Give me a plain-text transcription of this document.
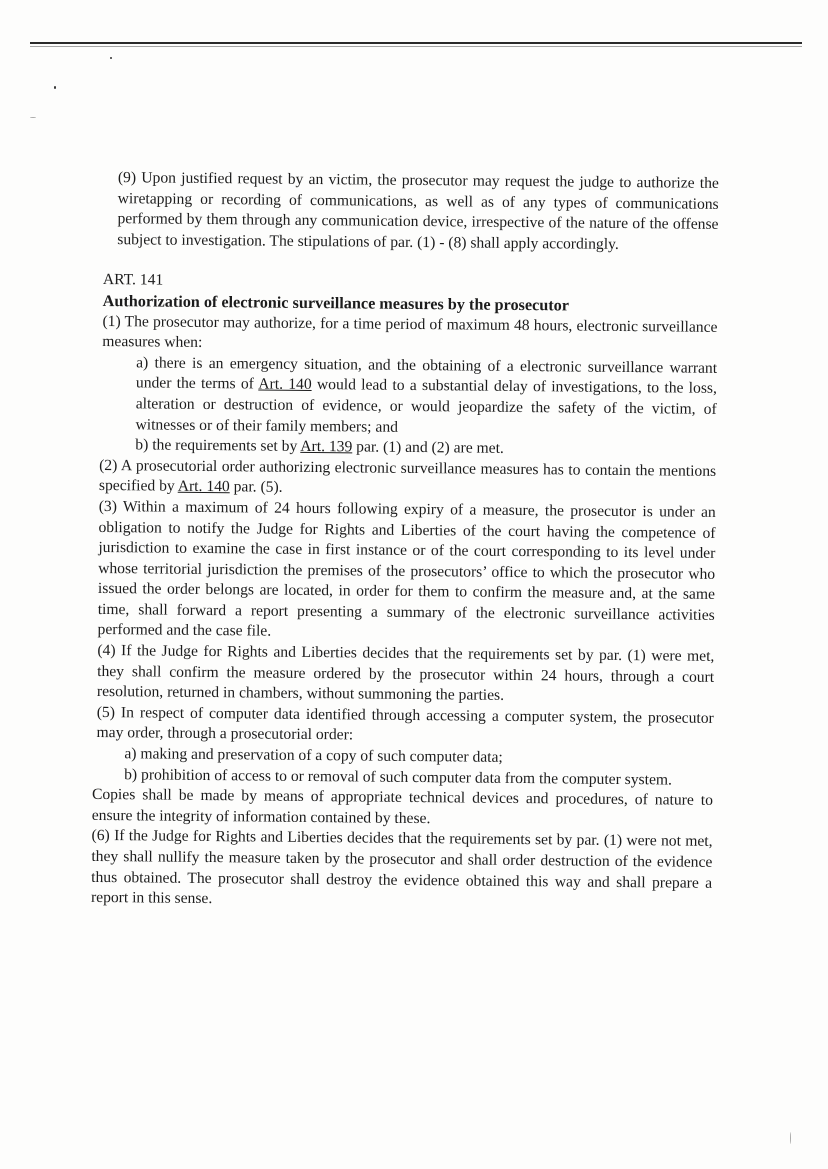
(9) Upon justified request by an victim, the prosecutor may request the judge to authorize the wiretapping or recording of communications, as well as of any types of communications performed by them through any communication device, irrespective of the nature of the offense subject to investigation. The stipulations of par. (1) - (8) shall apply accordingly.

ART. 141

Authorization of electronic surveillance measures by the prosecutor

(1) The prosecutor may authorize, for a time period of maximum 48 hours, electronic surveillance measures when:

a) there is an emergency situation, and the obtaining of a electronic surveillance warrant under the terms of Art. 140 would lead to a substantial delay of investigations, to the loss, alteration or destruction of evidence, or would jeopardize the safety of the victim, of witnesses or of their family members; and

b) the requirements set by Art. 139 par. (1) and (2) are met.

(2) A prosecutorial order authorizing electronic surveillance measures has to contain the mentions specified by Art. 140 par. (5).

(3) Within a maximum of 24 hours following expiry of a measure, the prosecutor is under an obligation to notify the Judge for Rights and Liberties of the court having the competence of jurisdiction to examine the case in first instance or of the court corresponding to its level under whose territorial jurisdiction the premises of the prosecutors’ office to which the prosecutor who issued the order belongs are located, in order for them to confirm the measure and, at the same time, shall forward a report presenting a summary of the electronic surveillance activities performed and the case file.

(4) If the Judge for Rights and Liberties decides that the requirements set by par. (1) were met, they shall confirm the measure ordered by the prosecutor within 24 hours, through a court resolution, returned in chambers, without summoning the parties.

(5) In respect of computer data identified through accessing a computer system, the prosecutor may order, through a prosecutorial order:

a) making and preservation of a copy of such computer data;

b) prohibition of access to or removal of such computer data from the computer system.

Copies shall be made by means of appropriate technical devices and procedures, of nature to ensure the integrity of information contained by these.

(6) If the Judge for Rights and Liberties decides that the requirements set by par. (1) were not met, they shall nullify the measure taken by the prosecutor and shall order destruction of the evidence thus obtained. The prosecutor shall destroy the evidence obtained this way and shall prepare a report in this sense.
